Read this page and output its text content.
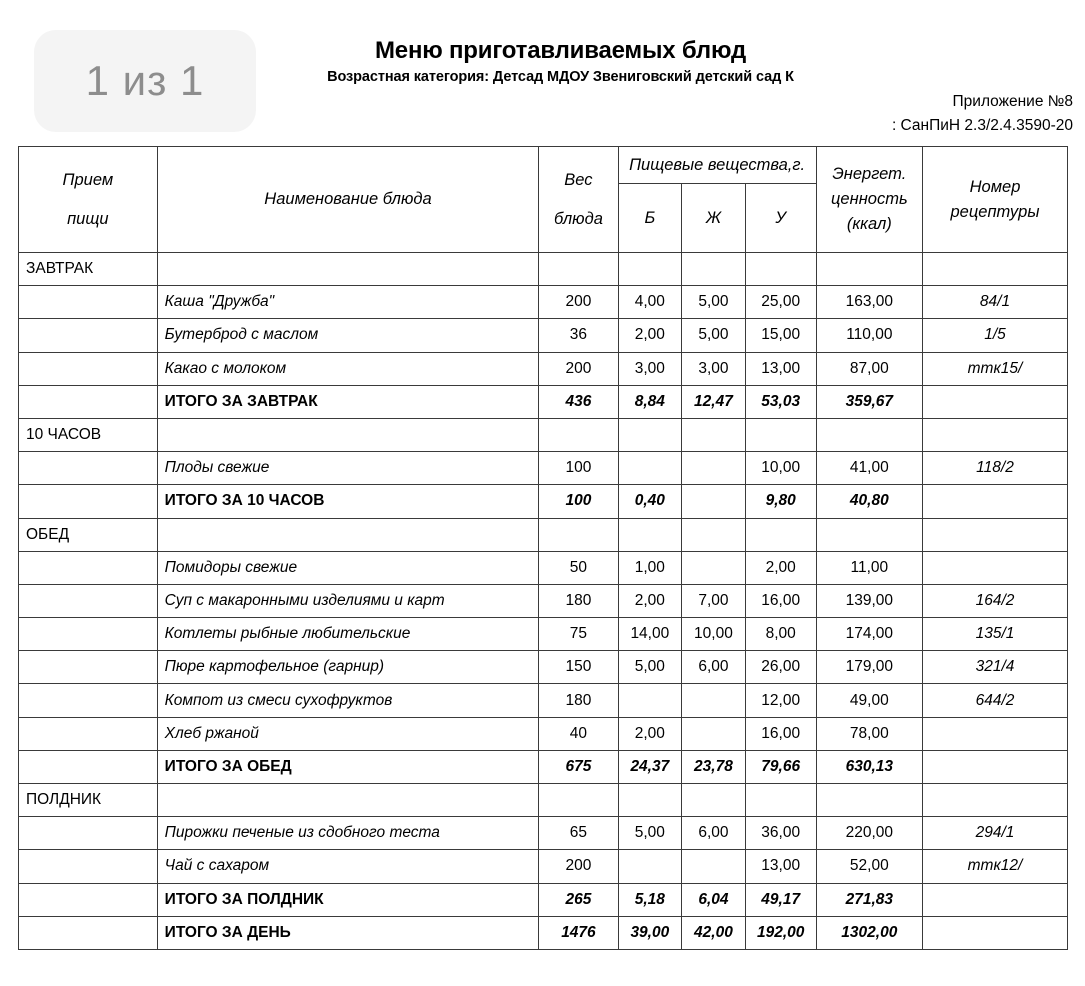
1 из 1
Меню приготавливаемых блюд
Возрастная категория: Детсад МДОУ Звениговский детский сад К
Приложение №8
: СанПиН 2.3/2.4.3590-20
Прием
пищи	Наименование блюда	Вес
блюда	Пищевые вещества,г.			Энергет.
ценность
(ккал)	Номер
рецептуры

			Б	Ж	У		
ЗАВТРАК							
	Каша "Дружба"	200	4,00	5,00	25,00	163,00	84/1
	Бутерброд с маслом	36	2,00	5,00	15,00	110,00	1/5
	Какао с молоком	200	3,00	3,00	13,00	87,00	ттк15/
	ИТОГО ЗА ЗАВТРАК	436	8,84	12,47	53,03	359,67	
10 ЧАСОВ							
	Плоды свежие	100			10,00	41,00	118/2
	ИТОГО ЗА 10 ЧАСОВ	100	0,40		9,80	40,80	
ОБЕД							
	Помидоры свежие	50	1,00		2,00	11,00	
	Суп с макаронными изделиями и карт	180	2,00	7,00	16,00	139,00	164/2
	Котлеты рыбные любительские	75	14,00	10,00	8,00	174,00	135/1
	Пюре картофельное (гарнир)	150	5,00	6,00	26,00	179,00	321/4
	Компот из смеси сухофруктов	180			12,00	49,00	644/2
	Хлеб ржаной	40	2,00		16,00	78,00	
	ИТОГО ЗА ОБЕД	675	24,37	23,78	79,66	630,13	
ПОЛДНИК							
	Пирожки печеные из сдобного теста	65	5,00	6,00	36,00	220,00	294/1
	Чай с сахаром	200			13,00	52,00	ттк12/
	ИТОГО ЗА ПОЛДНИК	265	5,18	6,04	49,17	271,83	
	ИТОГО ЗА ДЕНЬ	1476	39,00	42,00	192,00	1302,00	
